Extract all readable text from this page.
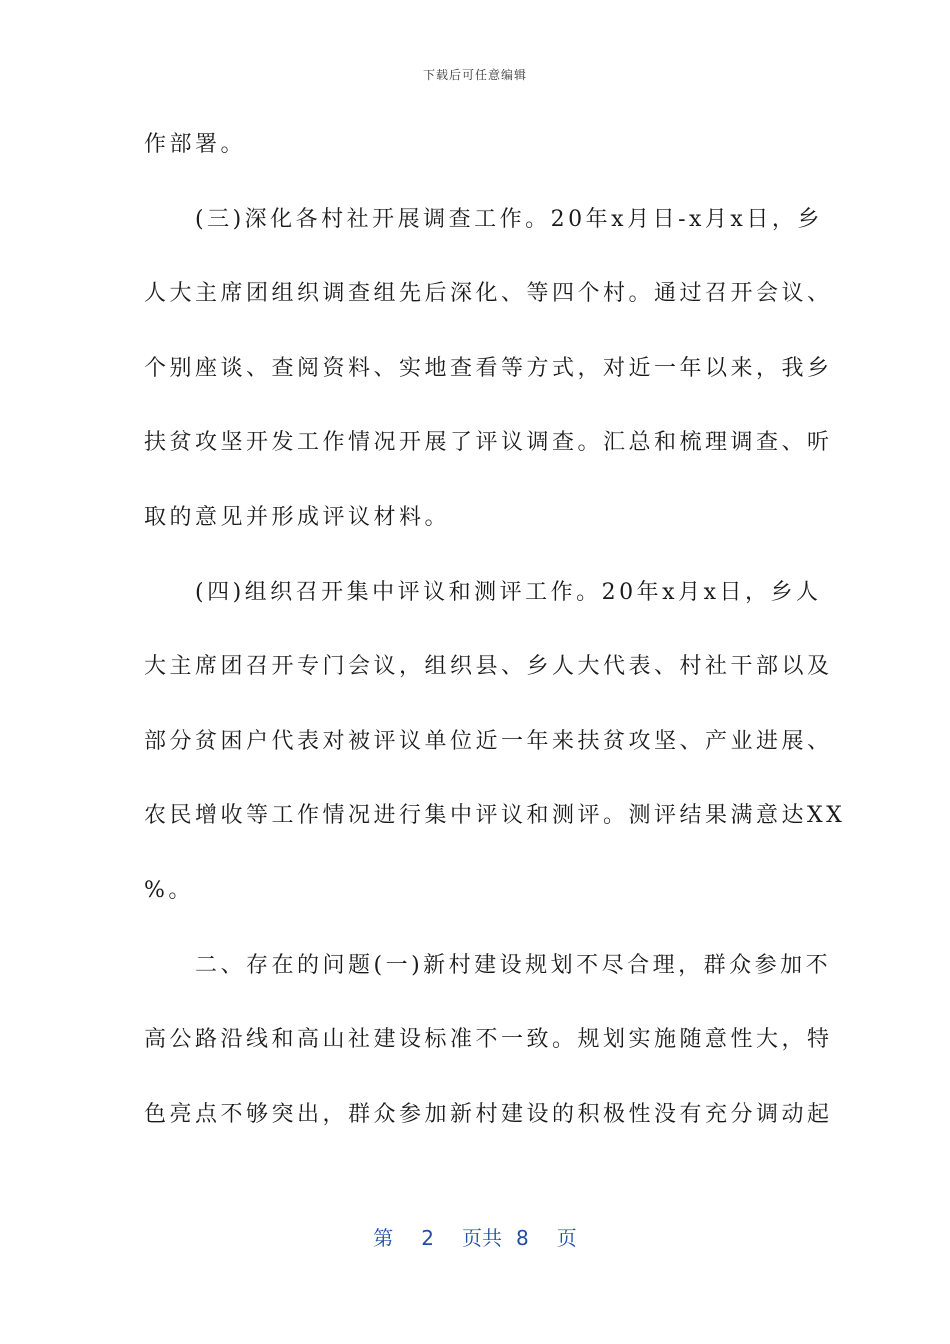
下载后可任意编辑
作部署。
　　(三)深化各村社开展调查工作。20年x月日-x月x日，乡
人大主席团组织调查组先后深化、等四个村。通过召开会议、
个别座谈、查阅资料、实地查看等方式，对近一年以来，我乡
扶贫攻坚开发工作情况开展了评议调查。汇总和梳理调查、听
取的意见并形成评议材料。
　　(四)组织召开集中评议和测评工作。20年x月x日，乡人
大主席团召开专门会议，组织县、乡人大代表、村社干部以及
部分贫困户代表对被评议单位近一年来扶贫攻坚、产业进展、
农民增收等工作情况进行集中评议和测评。测评结果满意达XX
%。
　　二、存在的问题(一)新村建设规划不尽合理，群众参加不
高公路沿线和高山社建设标准不一致。规划实施随意性大，特
色亮点不够突出，群众参加新村建设的积极性没有充分调动起
第 2 页共 8 页
